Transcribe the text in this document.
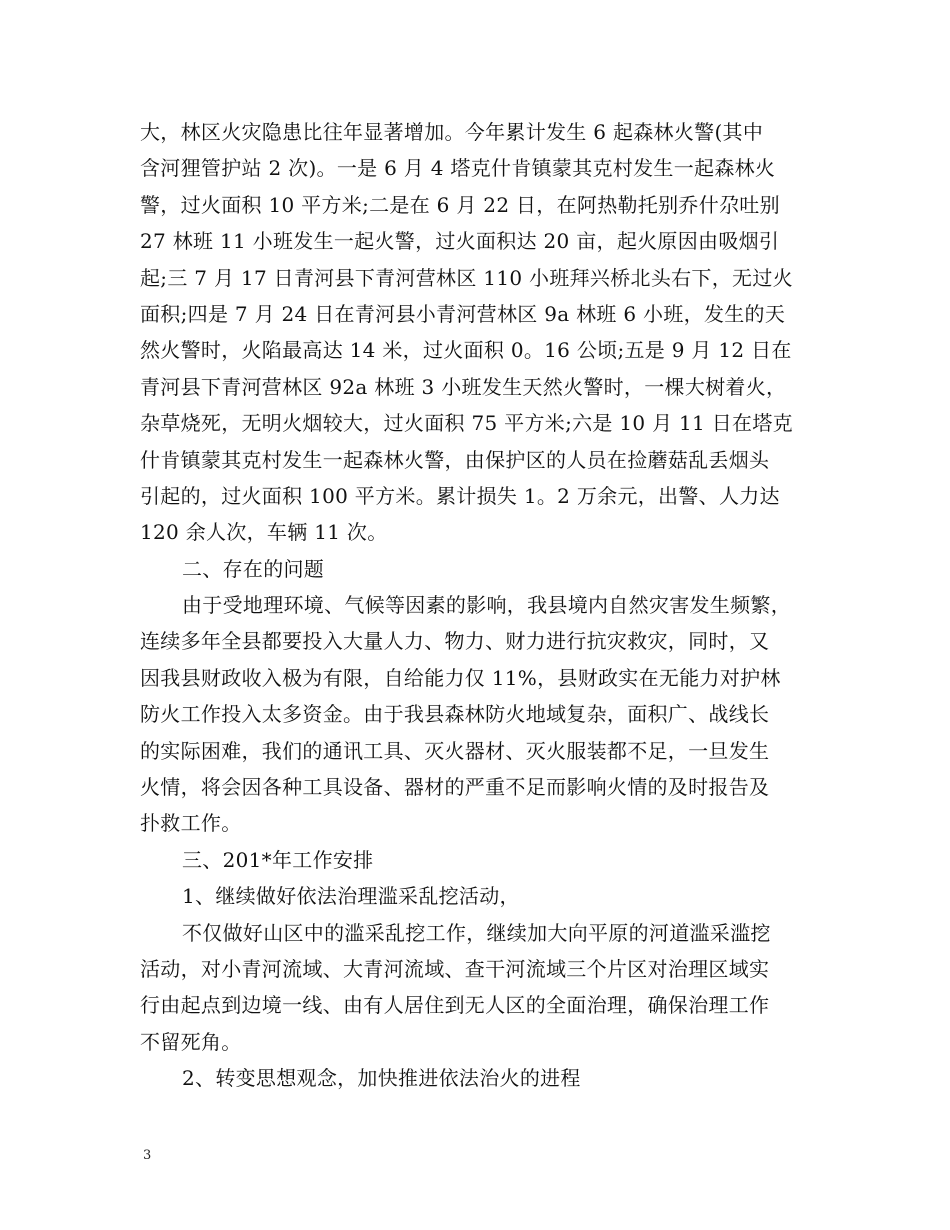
大，林区火灾隐患比往年显著增加。今年累计发生 6 起森林火警(其中
含河狸管护站 2 次)。一是 6 月 4 塔克什肯镇蒙其克村发生一起森林火
警，过火面积 10 平方米;二是在 6 月 22 日，在阿热勒托别乔什尕吐别
27 林班 11 小班发生一起火警，过火面积达 20 亩，起火原因由吸烟引
起;三 7 月 17 日青河县下青河营林区 110 小班拜兴桥北头右下，无过火
面积;四是 7 月 24 日在青河县小青河营林区 9a 林班 6 小班，发生的天
然火警时，火陷最高达 14 米，过火面积 0。16 公顷;五是 9 月 12 日在
青河县下青河营林区 92a 林班 3 小班发生天然火警时，一棵大树着火，
杂草烧死，无明火烟较大，过火面积 75 平方米;六是 10 月 11 日在塔克
什肯镇蒙其克村发生一起森林火警，由保护区的人员在捡蘑菇乱丢烟头
引起的，过火面积 100 平方米。累计损失 1。2 万余元，出警、人力达
120 余人次，车辆 11 次。
二、存在的问题
由于受地理环境、气候等因素的影响，我县境内自然灾害发生频繁，
连续多年全县都要投入大量人力、物力、财力进行抗灾救灾，同时，又
因我县财政收入极为有限，自给能力仅 11%，县财政实在无能力对护林
防火工作投入太多资金。由于我县森林防火地域复杂，面积广、战线长
的实际困难，我们的通讯工具、灭火器材、灭火服装都不足，一旦发生
火情，将会因各种工具设备、器材的严重不足而影响火情的及时报告及
扑救工作。
三、201*年工作安排
1、继续做好依法治理滥采乱挖活动，
不仅做好山区中的滥采乱挖工作，继续加大向平原的河道滥采滥挖
活动，对小青河流域、大青河流域、查干河流域三个片区对治理区域实
行由起点到边境一线、由有人居住到无人区的全面治理，确保治理工作
不留死角。
2、转变思想观念，加快推进依法治火的进程
3
